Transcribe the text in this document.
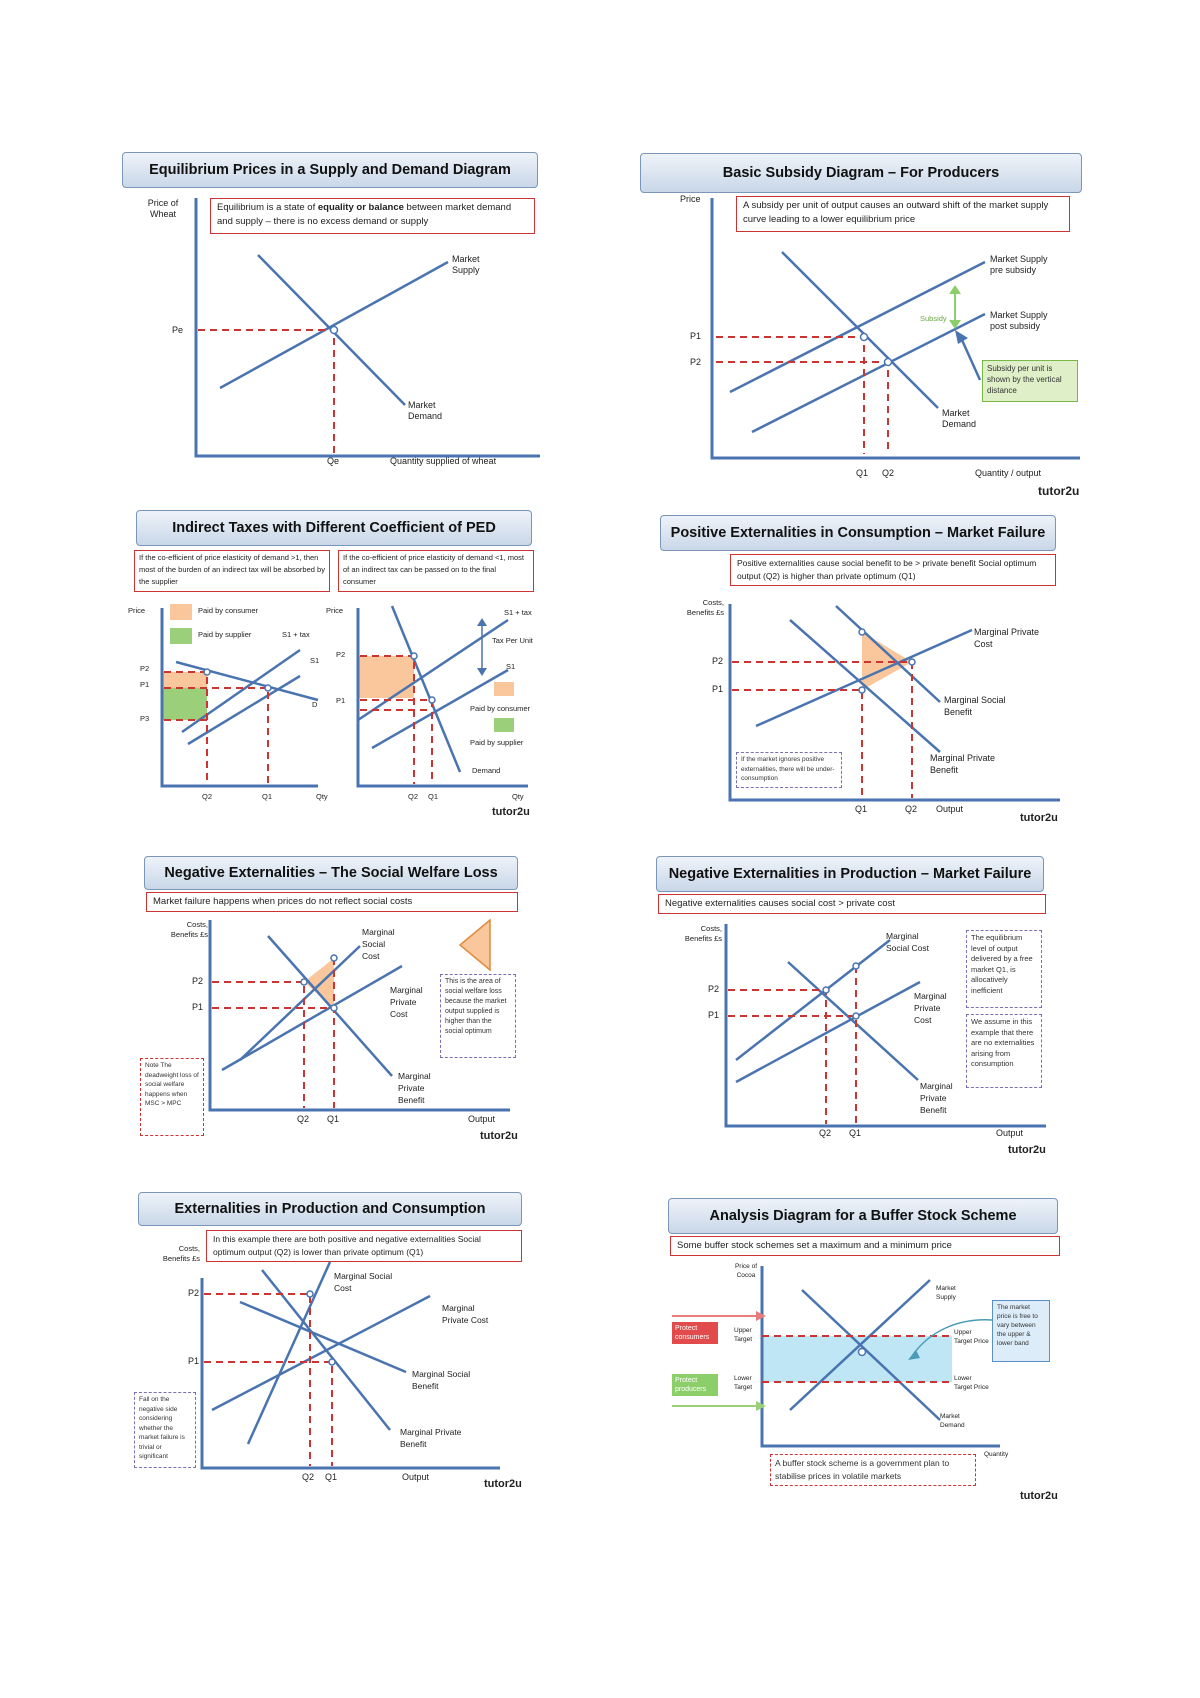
Equilibrium Prices in a Supply and Demand Diagram
Price of Wheat
Equilibrium is a state of equality or balance between market demand and supply – there is no excess demand or supply
Market Supply
Market Demand
Pe
Qe	Quantity supplied of wheat
Basic Subsidy Diagram – For Producers
Price
A subsidy per unit of output causes an outward shift of the market supply curve leading to a lower equilibrium price
Market Supply pre subsidy
Market Supply post subsidy
Subsidy
Subsidy per unit is shown by the vertical distance
Market Demand
P1
P2
Q1 Q2	Quantity / output
tutor2u
Indirect Taxes with Different Coefficient of PED
If the co-efficient of price elasticity of demand >1, then most of the burden of an indirect tax will be absorbed by the supplier
If the co-efficient of price elasticity of demand <1, most of an indirect tax can be passed on to the final consumer
Price	Price
Paid by consumer
Paid by supplier	S1 + tax
S1
D
P2
P1
P3
Q2	Q1	Qty
S1 + tax
Tax Per Unit
S1
Paid by consumer
Paid by supplier
Demand
P2
P1
Q2 Q1	Qty
tutor2u
Positive Externalities in Consumption – Market Failure
Positive externalities cause social benefit to be > private benefit Social optimum output (Q2) is higher than private optimum (Q1)
Costs, Benefits £s
Marginal Private Cost
Marginal Social Benefit
Marginal Private Benefit
If the market ignores positive externalities, there will be under-consumption
P2
P1
Q1	Q2 Output
tutor2u
Negative Externalities – The Social Welfare Loss
Market failure happens when prices do not reflect social costs
Costs, Benefits £s	Marginal Social Cost
Marginal Private Cost
Marginal Private Benefit
This is the area of social welfare loss because the market output supplied is higher than the social optimum
Note The deadweight loss of social welfare happens when MSC > MPC
P2
P1
Q2 Q1	Output
tutor2u
Negative Externalities in Production – Market Failure
Negative externalities causes social cost > private cost
Costs, Benefits £s	Marginal Social Cost
Marginal Private Cost
Marginal Private Benefit
The equilibrium level of output delivered by a free market Q1, is allocatively inefficient
We assume in this example that there are no externalities arising from consumption
P2
P1
Q2 Q1	Output
tutor2u
Externalities in Production and Consumption
In this example there are both positive and negative externalities Social optimum output (Q2) is lower than private optimum (Q1)
Costs, Benefits £s
Marginal Social Cost
Marginal Private Cost
Marginal Social Benefit
Marginal Private Benefit
Fall on the negative side considering whether the market failure is trivial or significant
P2
P1
Q2 Q1	Output
tutor2u
Analysis Diagram for a Buffer Stock Scheme
Some buffer stock schemes set a maximum and a minimum price
Price of Cocoa
Protect consumers
Protect producers
Upper Target
Lower Target
Market Supply
Upper Target Price
Lower Target Price
Market Demand
The market price is free to vary between the upper & lower band
Quantity
A buffer stock scheme is a government plan to stabilise prices in volatile markets
tutor2u
